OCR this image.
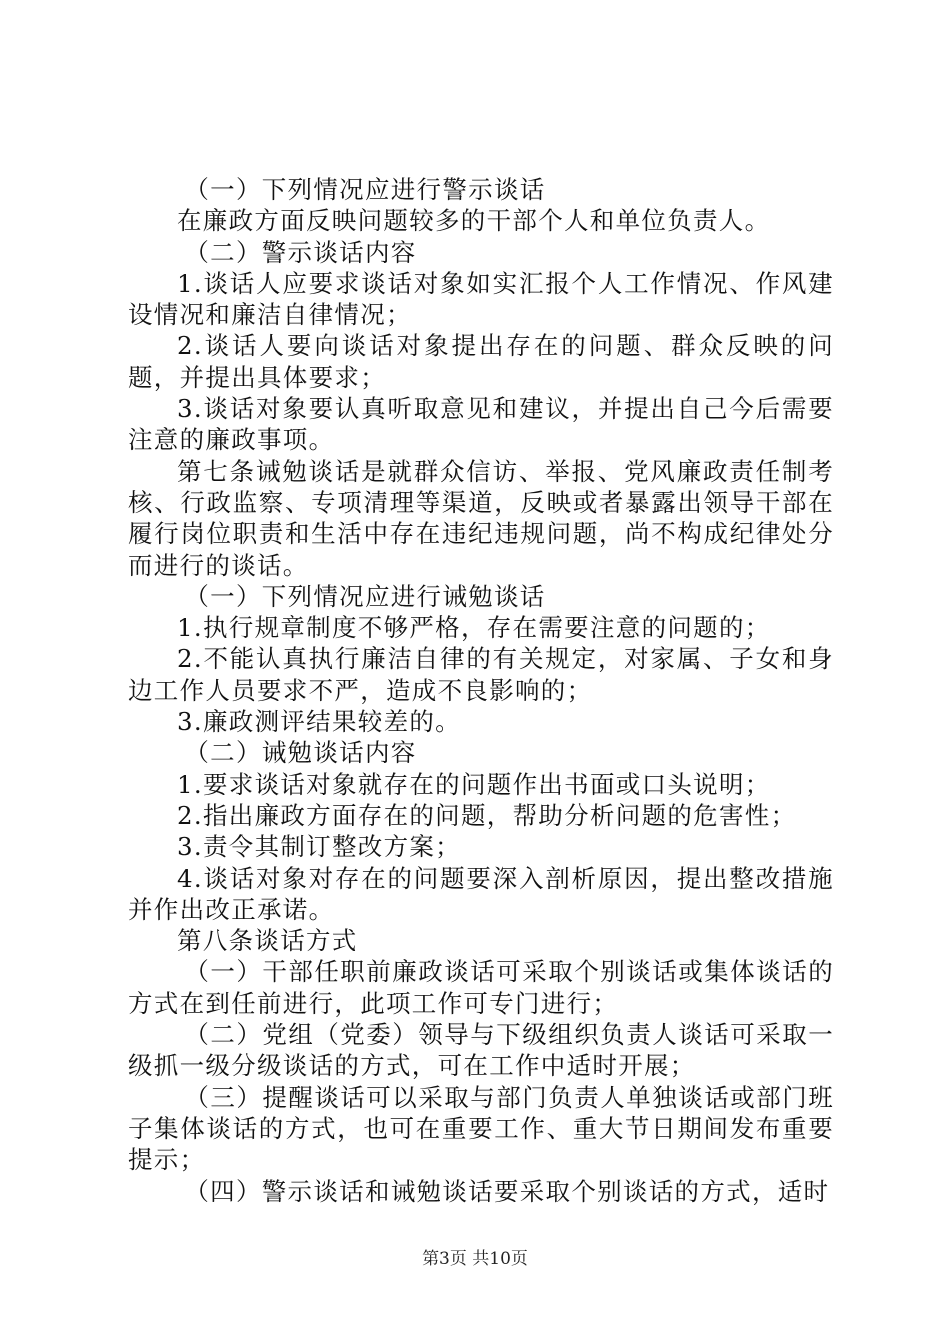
（一）下列情况应进行警示谈话

在廉政方面反映问题较多的干部个人和单位负责人。

（二）警示谈话内容

1.谈话人应要求谈话对象如实汇报个人工作情况、作风建设情况和廉洁自律情况；

2.谈话人要向谈话对象提出存在的问题、群众反映的问题，并提出具体要求；

3.谈话对象要认真听取意见和建议，并提出自己今后需要注意的廉政事项。

第七条诫勉谈话是就群众信访、举报、党风廉政责任制考核、行政监察、专项清理等渠道，反映或者暴露出领导干部在履行岗位职责和生活中存在违纪违规问题，尚不构成纪律处分而进行的谈话。

（一）下列情况应进行诫勉谈话

1.执行规章制度不够严格，存在需要注意的问题的；

2.不能认真执行廉洁自律的有关规定，对家属、子女和身边工作人员要求不严，造成不良影响的；

3.廉政测评结果较差的。

（二）诫勉谈话内容

1.要求谈话对象就存在的问题作出书面或口头说明；

2.指出廉政方面存在的问题，帮助分析问题的危害性；

3.责令其制订整改方案；

4.谈话对象对存在的问题要深入剖析原因，提出整改措施并作出改正承诺。

第八条谈话方式

（一）干部任职前廉政谈话可采取个别谈话或集体谈话的方式在到任前进行，此项工作可专门进行；

（二）党组（党委）领导与下级组织负责人谈话可采取一级抓一级分级谈话的方式，可在工作中适时开展；

（三）提醒谈话可以采取与部门负责人单独谈话或部门班子集体谈话的方式，也可在重要工作、重大节日期间发布重要提示；

（四）警示谈话和诫勉谈话要采取个别谈话的方式，适时

第3页 共10页
